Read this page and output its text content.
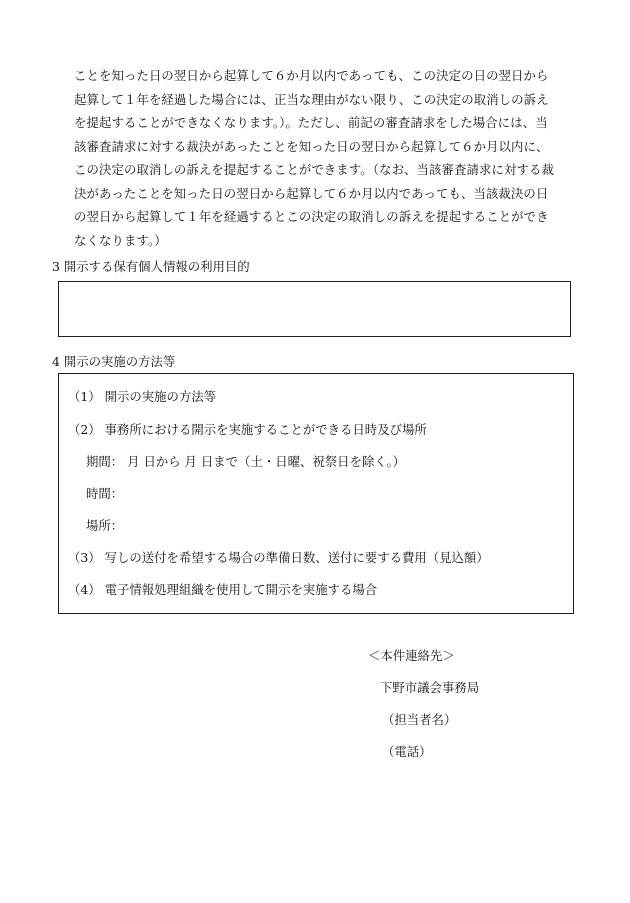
ことを知った日の翌日から起算して６か月以内であっても、この決定の日の翌日から
起算して１年を経過した場合には、正当な理由がない限り、この決定の取消しの訴え
を提起することができなくなります。）。ただし、前記の審査請求をした場合には、当
該審査請求に対する裁決があったことを知った日の翌日から起算して６か月以内に、
この決定の取消しの訴えを提起することができます。（なお、当該審査請求に対する裁
決があったことを知った日の翌日から起算して６か月以内であっても、当該裁決の日
の翌日から起算して１年を経過するとこの決定の取消しの訴えを提起することができ
なくなります。）
3 開示する保有個人情報の利用目的
4 開示の実施の方法等
（1） 開示の実施の方法等
（2） 事務所における開示を実施することができる日時及び場所
期間： 月 日から 月 日まで（土・日曜、祝祭日を除く。）
時間：
場所：
（3） 写しの送付を希望する場合の準備日数、送付に要する費用（見込額）
（4） 電子情報処理組織を使用して開示を実施する場合
＜本件連絡先＞
下野市議会事務局
（担当者名）
（電話）
